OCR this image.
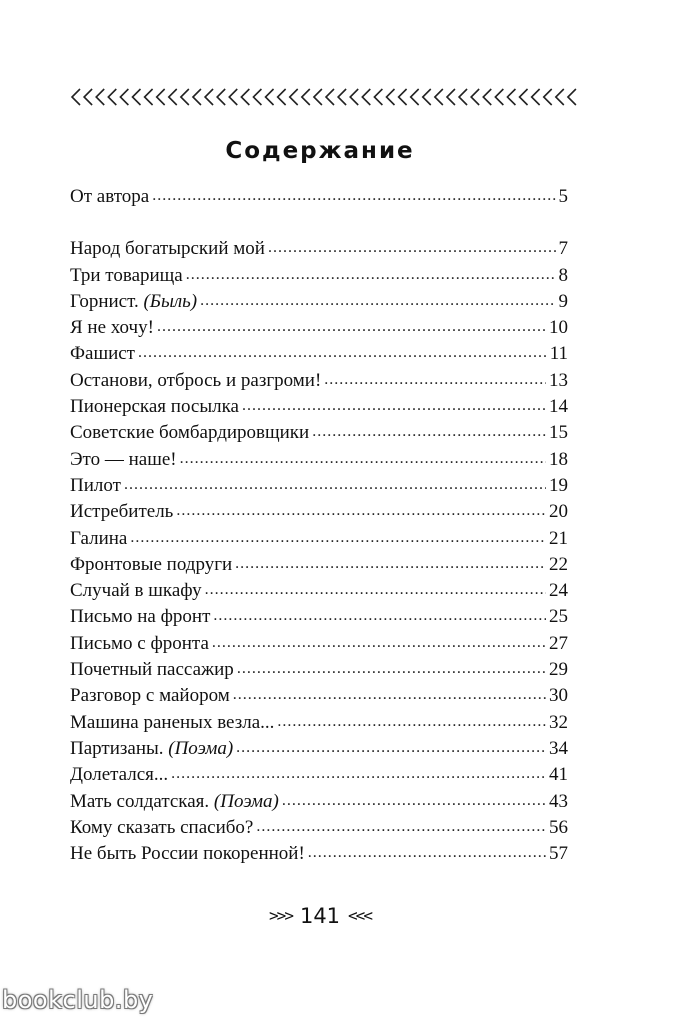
Содержание
От автора .....	5
Народ богатырский мой .....	7
Три товарища .....	8
Горнист. (Быль) .....	9
Я не хочу! .....	10
Фашист .....	11
Останови, отбрось и разгроми! .....	13
Пионерская посылка .....	14
Советские бомбардировщики .....	15
Это — наше! .....	18
Пилот .....	19
Истребитель .....	20
Галина .....	21
Фронтовые подруги .....	22
Случай в шкафу .....	24
Письмо на фронт .....	25
Письмо с фронта .....	27
Почетный пассажир .....	29
Разговор с майором .....	30
Машина раненых везла... .....	32
Партизаны. (Поэма) .....	34
Долетался... .....	41
Мать солдатская. (Поэма) .....	43
Кому сказать спасибо? .....	56
Не быть России покоренной! .....	57
>>> 141 <<<
bookclub.by
